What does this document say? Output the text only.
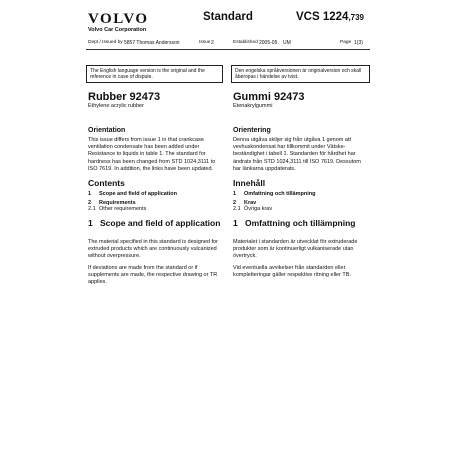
VOLVO
Volvo Car Corporation
Standard	VCS 1224,739
Dept / Issued by 5857 Thomas Andersson	Issue 2	Established 2005-05 UM	Page 1(3)
The English language version is the original and the reference in case of dispute.
Den engelska språkversionen är originalversion och skall åberopas i händelse av tvist.
Rubber 92473
Ethylene acrylic rubber
Orientation
This issue differs from issue 1 in that crankcase ventilation condensate has been added under Resistance to liquids in table 1. The standard for hardness has been changed from STD 1024,3111 to ISO 7619. In addition, the links have been updated.
Contents
1 Scope and field of application
2 Requirements
2.1 Other requirements
1 Scope and field of application
The material specified in this standard is designed for extruded products which are continuously vulcanized without overpressure.
If deviations are made from the standard or if supplements are made, the respective drawing or TR applies.
Gummi 92473
Etenakrylgummi
Orientering
Denna utgåva skiljer sig från utgåva 1 genom att vevhuskondensat har tillkommit under Vätske-beständighet i tabell 1. Standarden för hårdhet har ändrats från STD 1024,3111 till ISO 7619. Dessutom har länkarna uppdaterats.
Innehåll
1 Omfattning och tillämpning
2 Krav
2.1 Övriga krav
1 Omfattning och tillämpning
Materialet i standarden är utvecklat för extruderade produkter som är kontinuerligt vulkaniserade utan övertryck.
Vid eventuella avvikelser från standarden eller kompletteringar gäller respektive ritning eller TB.
